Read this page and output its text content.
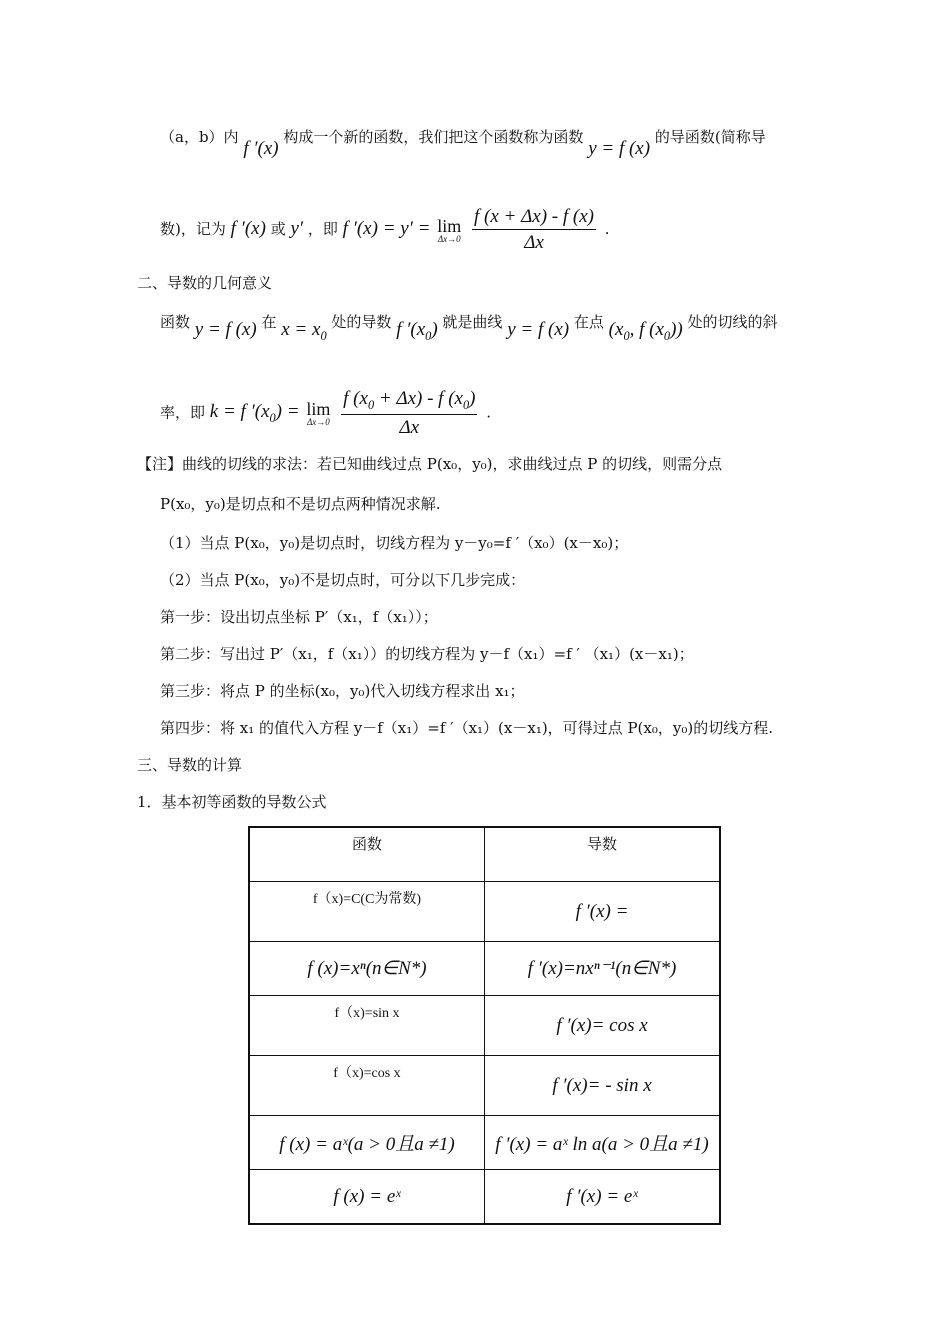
（a，b）内 f ′(x) 构成一个新的函数，我们把这个函数称为函数 y = f (x) 的导函数(简称导
数)，记为 f ′(x) 或 y′ ，即 f ′(x) = y′ = lim
Δx→0
$\frac{f (x + \Delta x) - f (x)}{\Delta x}$ .
二、导数的几何意义
函数 y = f (x) 在 $x = x_0$ 处的导数 f $'(x_0)$ 就是曲线 y = f (x) 在点 ($x_0$, f $(x_0)$) 处的切线的斜
率，即 k = f $'(x_0) = \lim$
Δx→0
$\frac{f (x_0 + \Delta x) - f (x_0)}{\Delta x}$ .
【注】曲线的切线的求法：若已知曲线过点 P(x₀，y₀)，求曲线过点 P 的切线，则需分点
P(x₀，y₀)是切点和不是切点两种情况求解.
（1）当点 P(x₀，y₀)是切点时，切线方程为 y－y₀=f ′（x₀）(x－x₀)；
（2）当点 P(x₀，y₀)不是切点时，可分以下几步完成：
第一步：设出切点坐标 P′（x₁，f（x₁））；
第二步：写出过 P′（x₁，f（x₁））的切线方程为 y－f（x₁）=f ′ （x₁）(x－x₁)；
第三步：将点 P 的坐标(x₀，y₀)代入切线方程求出 x₁；
第四步：将 x₁ 的值代入方程 y－f（x₁）=f ′（x₁）(x－x₁)，可得过点 P(x₀，y₀)的切线方程.
三、导数的计算
1．基本初等函数的导数公式
函数	导数
f（x)=C(C为常数)	f ′(x) =
f (x)=xⁿ(n∈N*)	f ′(x)=nxⁿ⁻¹(n∈N*)
f（x)=sin x	f ′(x)= cos x
f（x)=cos x	f ′(x)= - sin x
f (x) = aˣ(a > 0且a ≠1)	f ′(x) = aˣ ln a(a > 0且a ≠1)
f (x) = eˣ	f ′(x) = eˣ
